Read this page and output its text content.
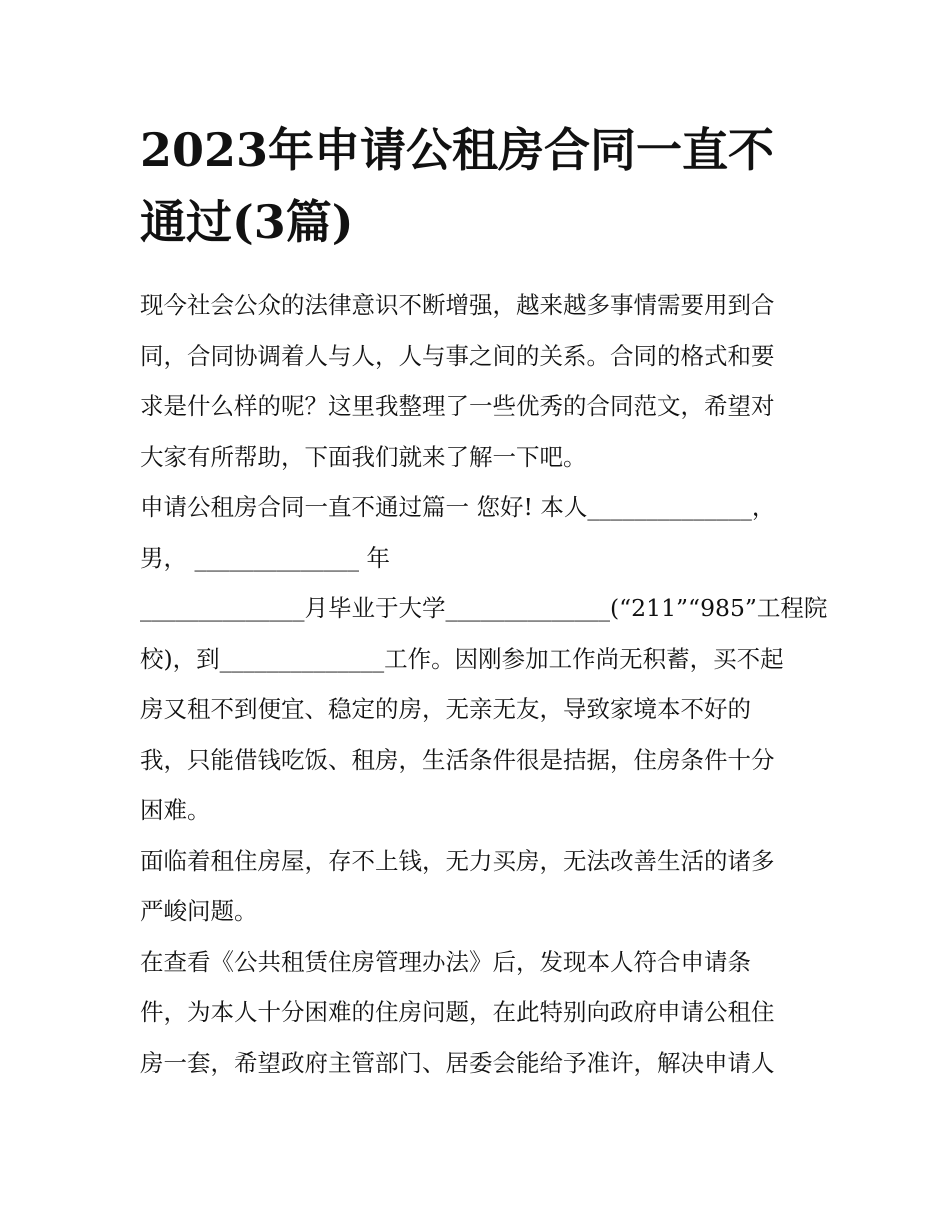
2023年申请公租房合同一直不
通过(3篇)
现今社会公众的法律意识不断增强，越来越多事情需要用到合
同，合同协调着人与人，人与事之间的关系。合同的格式和要
求是什么样的呢？这里我整理了一些优秀的合同范文，希望对
大家有所帮助，下面我们就来了解一下吧。
申请公租房合同一直不通过篇一 您好! 本人______________，
男， ______________ 年
______________月毕业于大学______________(“211”“985”工程院
校)，到______________工作。因刚参加工作尚无积蓄，买不起
房又租不到便宜、稳定的房，无亲无友，导致家境本不好的
我，只能借钱吃饭、租房，生活条件很是拮据，住房条件十分
困难。
面临着租住房屋，存不上钱，无力买房，无法改善生活的诸多
严峻问题。
在查看《公共租赁住房管理办法》后，发现本人符合申请条
件，为本人十分困难的住房问题，在此特别向政府申请公租住
房一套，希望政府主管部门、居委会能给予准许，解决申请人
